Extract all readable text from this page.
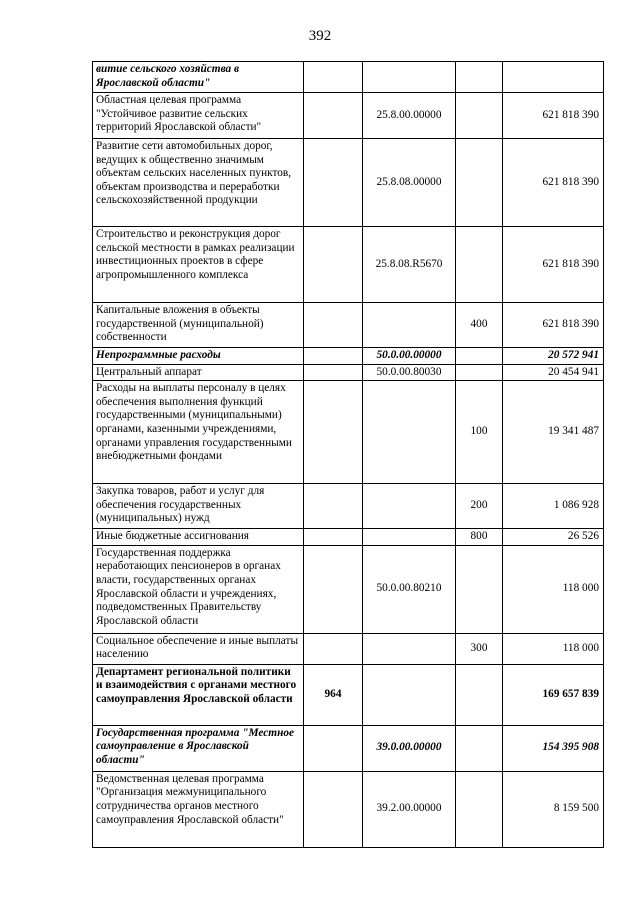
392
витие сельского хозяйства в Ярославской области"				
Областная целевая программа "Устойчивое развитие сельских территорий Ярославской области"		25.8.00.00000		621 818 390
Развитие сети автомобильных дорог, ведущих к общественно значимым объектам сельских населенных пунктов, объектам производства и переработки сельскохозяйственной продукции		25.8.08.00000		621 818 390
Строительство и реконструкция дорог сельской местности в рамках реализации инвестиционных проектов в сфере агропромышленного комплекса		25.8.08.R5670		621 818 390
Капитальные вложения в объекты государственной (муниципальной) собственности			400	621 818 390
Непрограммные расходы		50.0.00.00000		20 572 941
Центральный аппарат		50.0.00.80030		20 454 941
Расходы на выплаты персоналу в целях обеспечения выполнения функций государственными (муниципальными) органами, казенными учреждениями, органами управления государственными внебюджетными фондами			100	19 341 487
Закупка товаров, работ и услуг для обеспечения государственных (муниципальных) нужд			200	1 086 928
Иные бюджетные ассигнования			800	26 526
Государственная поддержка неработающих пенсионеров в органах власти, государственных органах Ярославской области и учреждениях, подведомственных Правительству Ярославской области		50.0.00.80210		118 000
Социальное обеспечение и иные выплаты населению			300	118 000
Департамент региональной политики и взаимодействия с органами местного самоуправления Ярославской области	964			169 657 839
Государственная программа "Местное самоуправление в Ярославской области"		39.0.00.00000		154 395 908
Ведомственная целевая программа "Организация межмуниципального сотрудничества органов местного самоуправления Ярославской области"		39.2.00.00000		8 159 500
